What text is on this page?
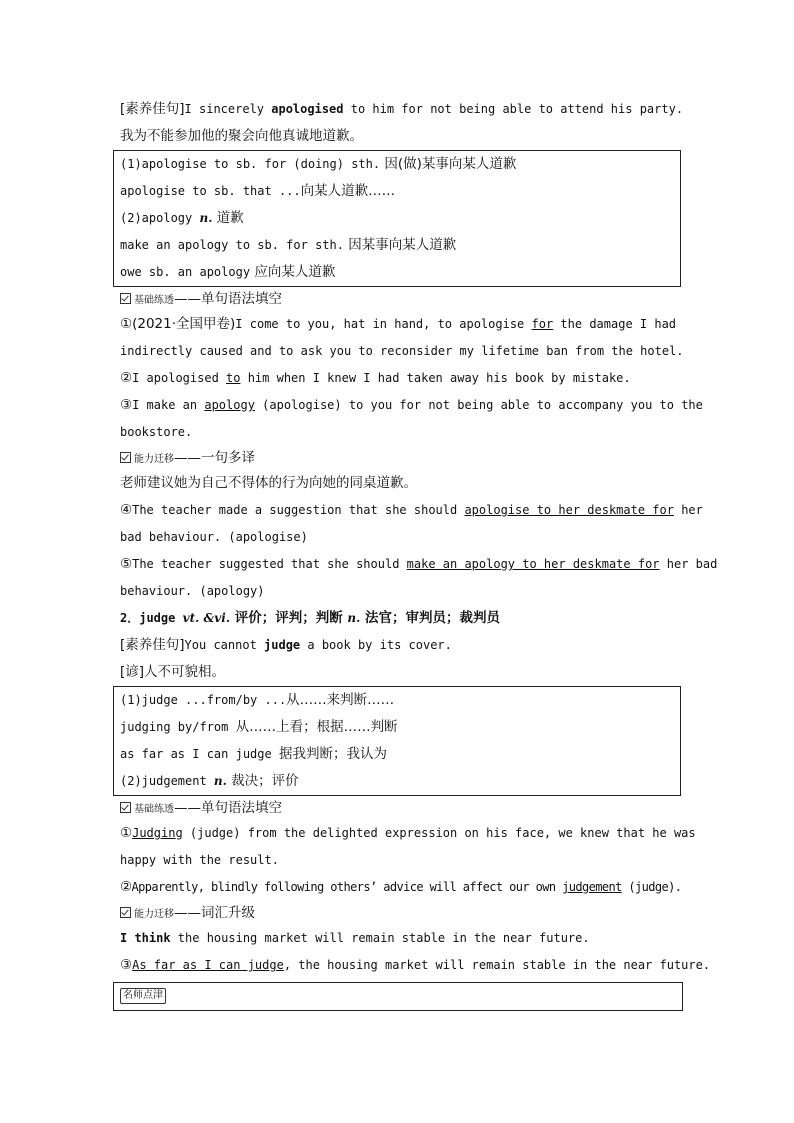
[素养佳句]I sincerely apologised to him for not being able to attend his party.
我为不能参加他的聚会向他真诚地道歉。
(1)apologise to sb. for (doing) sth. 因(做)某事向某人道歉
apologise to sb. that ...向某人道歉……
(2)apology n. 道歉
make an apology to sb. for sth. 因某事向某人道歉
owe sb. an apology 应向某人道歉
基础练透——单句语法填空
①(2021·全国甲卷)I come to you, hat in hand, to apologise for the damage I had
indirectly caused and to ask you to reconsider my lifetime ban from the hotel.
②I apologised to him when I knew I had taken away his book by mistake.
③I make an apology (apologise) to you for not being able to accompany you to the
bookstore.
能力迁移——一句多译
老师建议她为自己不得体的行为向她的同桌道歉。
④The teacher made a suggestion that she should apologise to her deskmate for her
bad behaviour. (apologise)
⑤The teacher suggested that she should make an apology to her deskmate for her bad
behaviour. (apology)
2．judge vt. &vi. 评价；评判；判断 n. 法官；审判员；裁判员
[素养佳句]You cannot judge a book by its cover.
[谚]人不可貌相。
(1)judge ...from/by ...从……来判断……
judging by/from 从……上看；根据……判断
as far as I can judge 据我判断；我认为
(2)judgement n. 裁决；评价
基础练透——单句语法填空
①Judging (judge) from the delighted expression on his face, we knew that he was
happy with the result.
②Apparently, blindly following others’ advice will affect our own judgement (judge).
能力迁移——词汇升级
I think the housing market will remain stable in the near future.
③As far as I can judge, the housing market will remain stable in the near future.
名师点津
